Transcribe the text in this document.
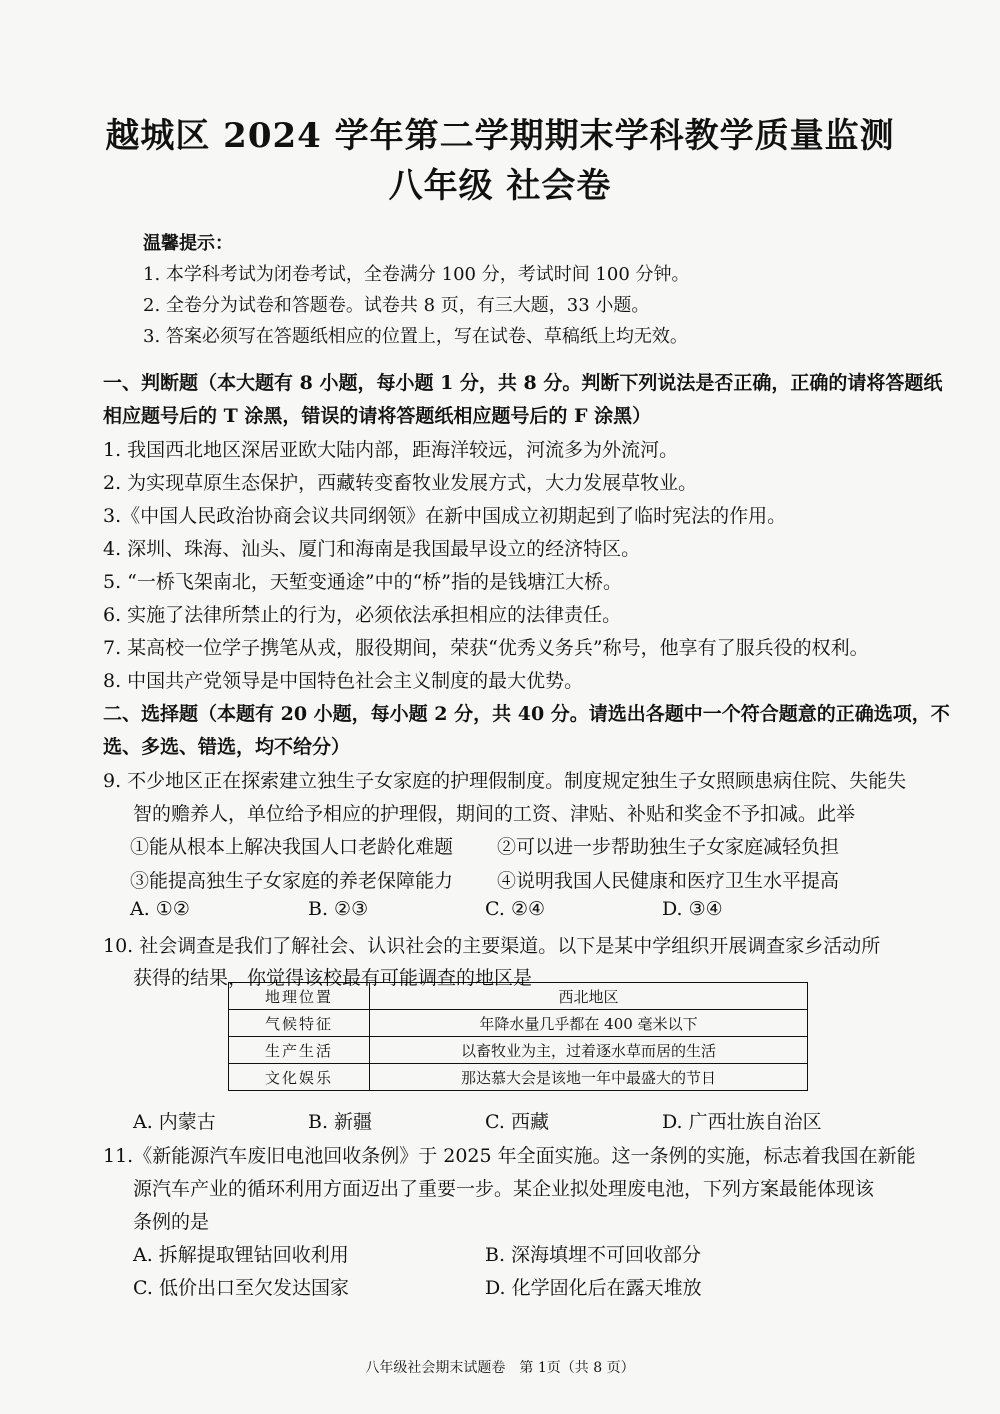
越城区 2024 学年第二学期期末学科教学质量监测
八年级 社会卷
温馨提示：
1. 本学科考试为闭卷考试，全卷满分 100 分，考试时间 100 分钟。
2. 全卷分为试卷和答题卷。试卷共 8 页，有三大题，33 小题。
3. 答案必须写在答题纸相应的位置上，写在试卷、草稿纸上均无效。
一、判断题（本大题有 8 小题，每小题 1 分，共 8 分。判断下列说法是否正确，正确的请将答题纸
相应题号后的 T 涂黑，错误的请将答题纸相应题号后的 F 涂黑）
1. 我国西北地区深居亚欧大陆内部，距海洋较远，河流多为外流河。
2. 为实现草原生态保护，西藏转变畜牧业发展方式，大力发展草牧业。
3.《中国人民政治协商会议共同纲领》在新中国成立初期起到了临时宪法的作用。
4. 深圳、珠海、汕头、厦门和海南是我国最早设立的经济特区。
5. “一桥飞架南北，天堑变通途”中的“桥”指的是钱塘江大桥。
6. 实施了法律所禁止的行为，必须依法承担相应的法律责任。
7. 某高校一位学子携笔从戎，服役期间，荣获“优秀义务兵”称号，他享有了服兵役的权利。
8. 中国共产党领导是中国特色社会主义制度的最大优势。
二、选择题（本题有 20 小题，每小题 2 分，共 40 分。请选出各题中一个符合题意的正确选项，不
选、多选、错选，均不给分）
9. 不少地区正在探索建立独生子女家庭的护理假制度。制度规定独生子女照顾患病住院、失能失
智的赡养人，单位给予相应的护理假，期间的工资、津贴、补贴和奖金不予扣减。此举
①能从根本上解决我国人口老龄化难题 ②可以进一步帮助独生子女家庭减轻负担
③能提高独生子女家庭的养老保障能力 ④说明我国人民健康和医疗卫生水平提高
A. ①②	B. ②③	C. ②④	D. ③④
10. 社会调查是我们了解社会、认识社会的主要渠道。以下是某中学组织开展调查家乡活动所
获得的结果，你觉得该校最有可能调查的地区是
地理位置	西北地区
气候特征	年降水量几乎都在 400 毫米以下
生产生活	以畜牧业为主，过着逐水草而居的生活
文化娱乐	那达慕大会是该地一年中最盛大的节日
A. 内蒙古	B. 新疆	C. 西藏	D. 广西壮族自治区
11.《新能源汽车废旧电池回收条例》于 2025 年全面实施。这一条例的实施，标志着我国在新能
源汽车产业的循环利用方面迈出了重要一步。某企业拟处理废电池，下列方案最能体现该
条例的是
A. 拆解提取锂钴回收利用	B. 深海填埋不可回收部分
C. 低价出口至欠发达国家	D. 化学固化后在露天堆放
八年级社会期末试题卷　第 1页（共 8 页）
